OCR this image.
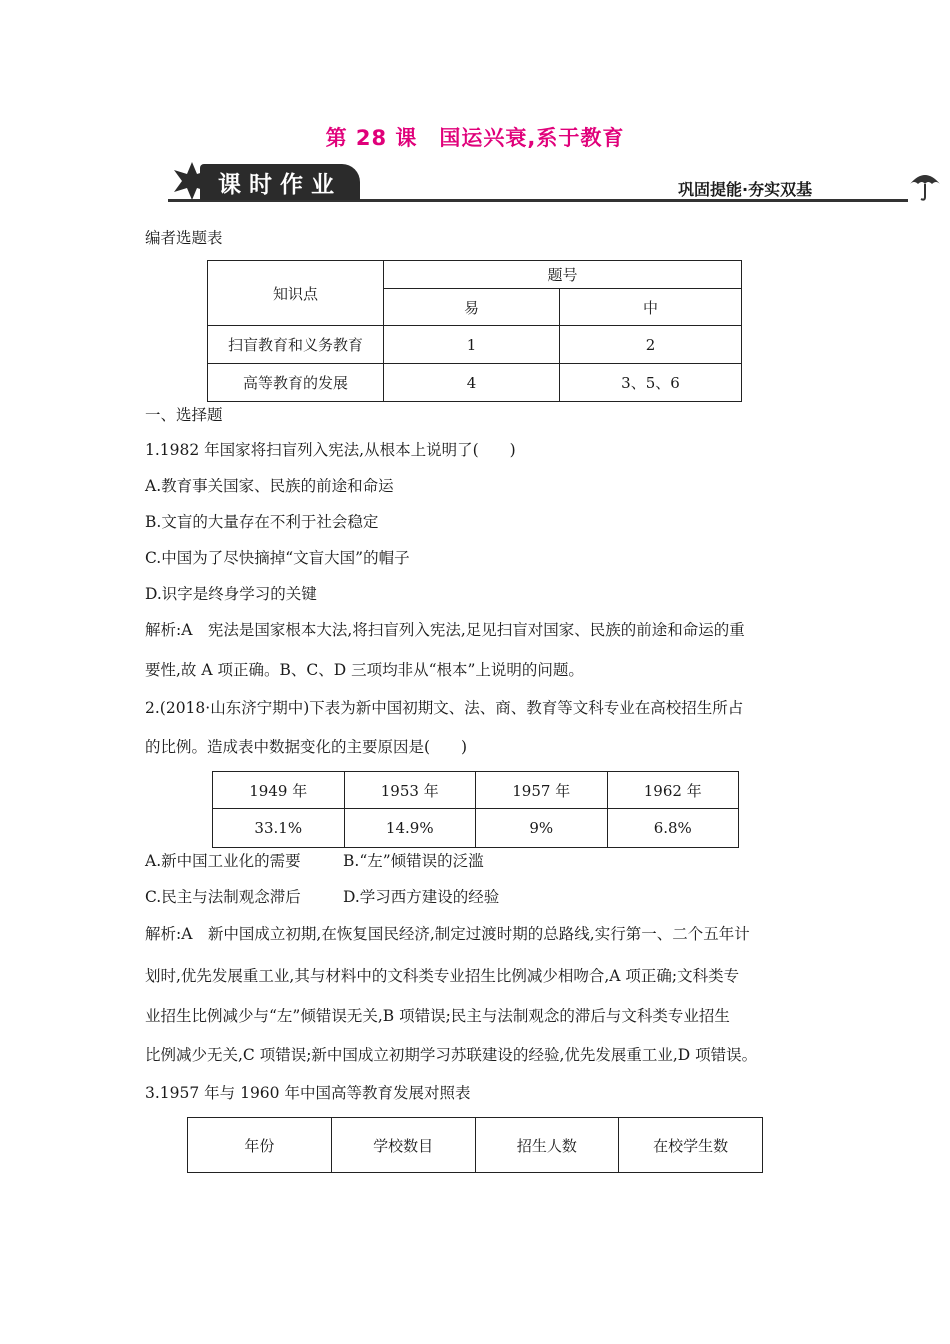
第 28 课　国运兴衰,系于教育
课时作业	巩固提能·夯实双基
编者选题表
知识点	题号	
	易	中
扫盲教育和义务教育	1	2
高等教育的发展	4	3、5、6
一、选择题
1.1982 年国家将扫盲列入宪法,从根本上说明了(　　)
A.教育事关国家、民族的前途和命运
B.文盲的大量存在不利于社会稳定
C.中国为了尽快摘掉“文盲大国”的帽子
D.识字是终身学习的关键
解析:A　宪法是国家根本大法,将扫盲列入宪法,足见扫盲对国家、民族的前途和命运的重
要性,故 A 项正确。B、C、D 三项均非从“根本”上说明的问题。
2.(2018·山东济宁期中)下表为新中国初期文、法、商、教育等文科专业在高校招生所占
的比例。造成表中数据变化的主要原因是(　　)
1949 年	1953 年	1957 年	1962 年
33.1%	14.9%	9%	6.8%
A.新中国工业化的需要	B.“左”倾错误的泛滥
C.民主与法制观念滞后	D.学习西方建设的经验
解析:A　新中国成立初期,在恢复国民经济,制定过渡时期的总路线,实行第一、二个五年计
划时,优先发展重工业,其与材料中的文科类专业招生比例减少相吻合,A 项正确;文科类专
业招生比例减少与“左”倾错误无关,B 项错误;民主与法制观念的滞后与文科类专业招生
比例减少无关,C 项错误;新中国成立初期学习苏联建设的经验,优先发展重工业,D 项错误。
3.1957 年与 1960 年中国高等教育发展对照表
年份	学校数目	招生人数	在校学生数
